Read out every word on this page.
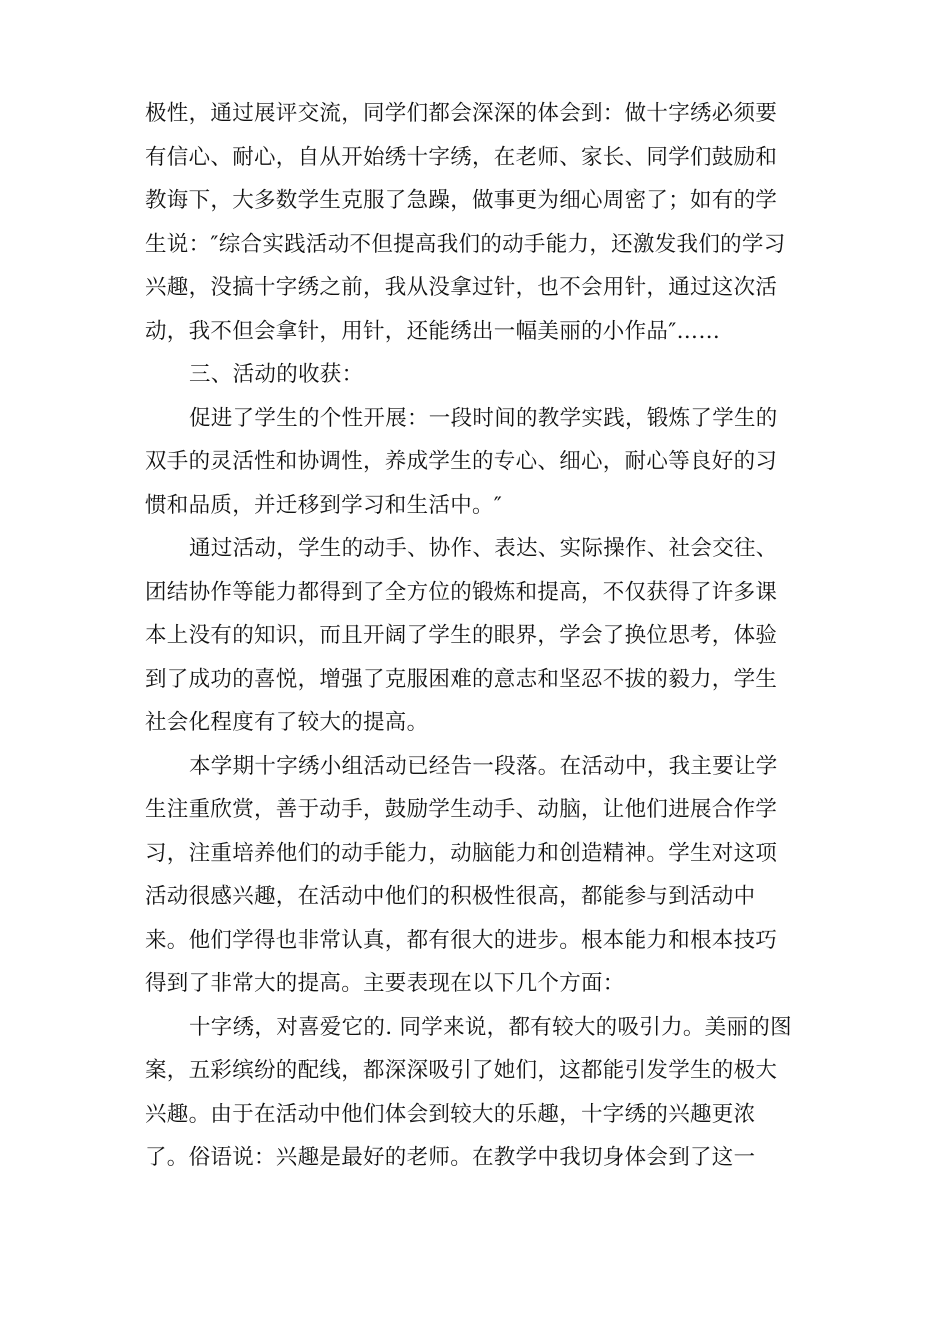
极性，通过展评交流，同学们都会深深的体会到：做十字绣必须要
有信心、耐心，自从开始绣十字绣，在老师、家长、同学们鼓励和
教诲下，大多数学生克服了急躁，做事更为细心周密了；如有的学
生说：″综合实践活动不但提高我们的动手能力，还激发我们的学习
兴趣，没搞十字绣之前，我从没拿过针，也不会用针，通过这次活
动，我不但会拿针，用针，还能绣出一幅美丽的小作品″……
三、活动的收获：
促进了学生的个性开展：一段时间的教学实践，锻炼了学生的
双手的灵活性和协调性，养成学生的专心、细心，耐心等良好的习
惯和品质，并迁移到学习和生活中。″
通过活动，学生的动手、协作、表达、实际操作、社会交往、
团结协作等能力都得到了全方位的锻炼和提高，不仅获得了许多课
本上没有的知识，而且开阔了学生的眼界，学会了换位思考，体验
到了成功的喜悦，增强了克服困难的意志和坚忍不拔的毅力，学生
社会化程度有了较大的提高。
本学期十字绣小组活动已经告一段落。在活动中，我主要让学
生注重欣赏，善于动手，鼓励学生动手、动脑，让他们进展合作学
习，注重培养他们的动手能力，动脑能力和创造精神。学生对这项
活动很感兴趣，在活动中他们的积极性很高，都能参与到活动中
来。他们学得也非常认真，都有很大的进步。根本能力和根本技巧
得到了非常大的提高。主要表现在以下几个方面：
十字绣，对喜爱它的. 同学来说，都有较大的吸引力。美丽的图
案，五彩缤纷的配线，都深深吸引了她们，这都能引发学生的极大
兴趣。由于在活动中他们体会到较大的乐趣，十字绣的兴趣更浓
了。俗语说：兴趣是最好的老师。在教学中我切身体会到了这一
